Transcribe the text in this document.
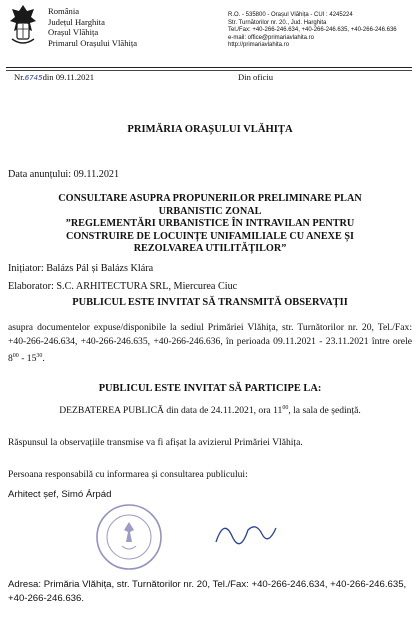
România
Județul Harghita
Orașul Vlăhița
Primarul Orașului Vlăhița
R.O. - 535800 - Orașul Vlăhița - CUI : 4245224
Str. Turnătorilor nr. 20., Jud. Harghita
Tel./Fax: +40-266-246.634, +40-266-246.635, +40-266-246.636
e-mail: office@primariavlahita.ro
http://primariavlahita.ro
Nr.6745din 09.11.2021	Din oficiu
PRIMĂRIA ORAȘULUI VLĂHIȚA
Data anunțului: 09.11.2021
CONSULTARE ASUPRA PROPUNERILOR PRELIMINARE PLAN
URBANISTIC ZONAL
”REGLEMENTĂRI URBANISTICE ÎN INTRAVILAN PENTRU
CONSTRUIRE DE LOCUINȚE UNIFAMILIALE CU ANEXE ȘI
REZOLVAREA UTILITĂȚILOR”
Inițiator: Balázs Pál și Balázs Klára
Elaborator: S.C. ARHITECTURA SRL, Miercurea Ciuc
PUBLICUL ESTE INVITAT SĂ TRANSMITĂ OBSERVAȚII
asupra documentelor expuse/disponibile la sediul Primăriei Vlăhița, str. Turnătorilor nr. 20, Tel./Fax: +40-266-246.634, +40-266-246.635, +40-266-246.636, în perioada 09.11.2021 - 23.11.2021 între orele $8^{00} - 15^{30}$.
PUBLICUL ESTE INVITAT SĂ PARTICIPE LA:
DEZBATEREA PUBLICĂ din data de 24.11.2021, ora $11^{00}$, la sala de ședință.
Răspunsul la observațiile transmise va fi afișat la avizierul Primăriei Vlăhița.
Persoana responsabilă cu informarea și consultarea publicului:
Arhitect șef, Simó Árpád
Adresa: Primăria Vlăhița, str. Turnătorilor nr. 20, Tel./Fax: +40-266-246.634, +40-266-246.635, +40-266-246.636.
